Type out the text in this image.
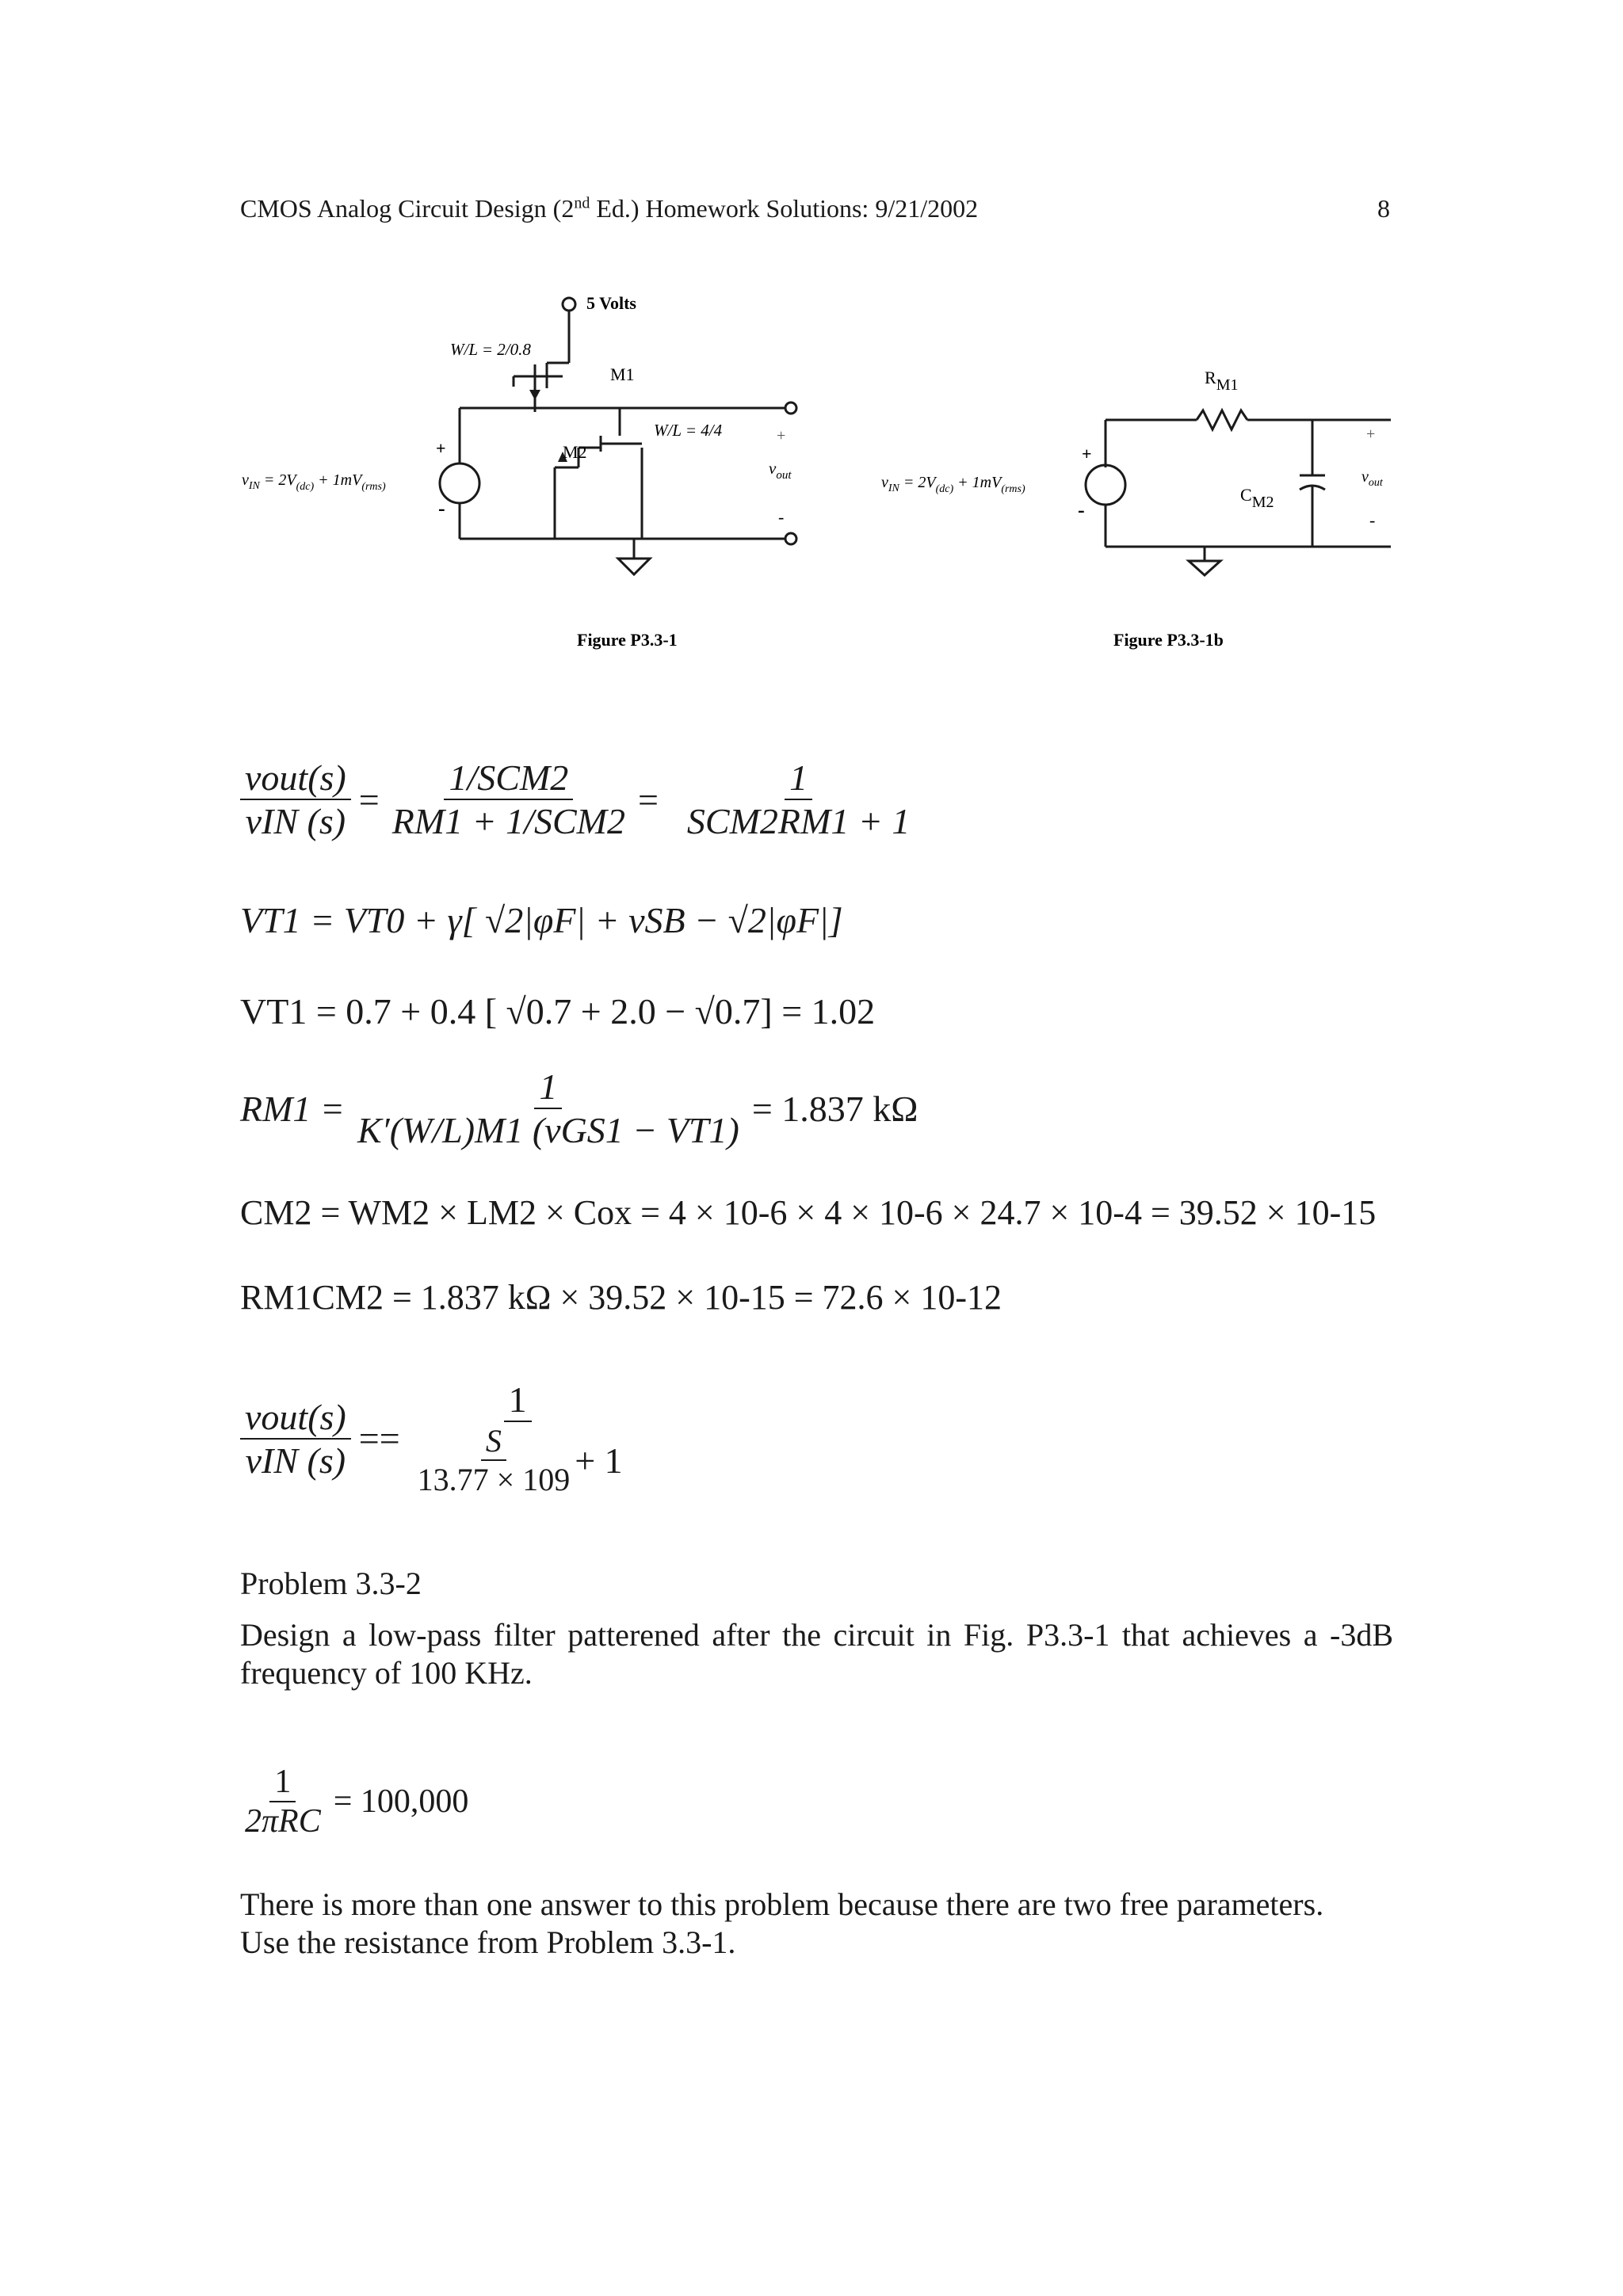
CMOS Analog Circuit Design (2nd Ed.) Homework Solutions: 9/21/2002	8
5 Volts
W/L = 2/0.8
M1
W/L = 4/4
M2
+
-
+
-
$v_{out}$
$v_{IN} = 2V_{(dc)} + 1mV_{(rms)}$
Figure P3.3-1
RM1
CM2
+
-
+
-
$v_{out}$
$v_{IN} = 2V_{(dc)} + 1mV_{(rms)}$
Figure P3.3-1b
$\frac{\text{vout(s)}}{\text{vIN (s)}} = \frac{\text{1/SCM2}}{\text{RM1 + 1/SCM2}} = \frac{1}{\text{SCM2RM1 + 1}}$
VT1 = VT0 + γ[ √2|φF| + vSB − √2|φF|]
VT1 = 0.7 + 0.4 [ √0.7 + 2.0 − √0.7] = 1.02
$RM1 = \frac{1}{\text{K′(W/L)M1 (vGS1 − VT1)}} = 1.837$ kΩ
CM2 = WM2 × LM2 × Cox = 4 × 10-6 × 4 × 10-6 × 24.7 × 10-4 = 39.52 × 10-15
RM1CM2 = 1.837 kΩ × 39.52 × 10-15 = 72.6 × 10-12
$\frac{\text{vout(s)}}{\text{vIN (s)}} == \frac{1}{\frac{S}{13.77 \times 109} + 1}$
Problem 3.3-2
Design a low-pass filter patterened after the circuit in Fig. P3.3-1 that achieves a -3dB frequency of 100 KHz.
$\frac{1}{\text{2πRC}} = 100,000$
There is more than one answer to this problem because there are two free parameters.
Use the resistance from Problem 3.3-1.
